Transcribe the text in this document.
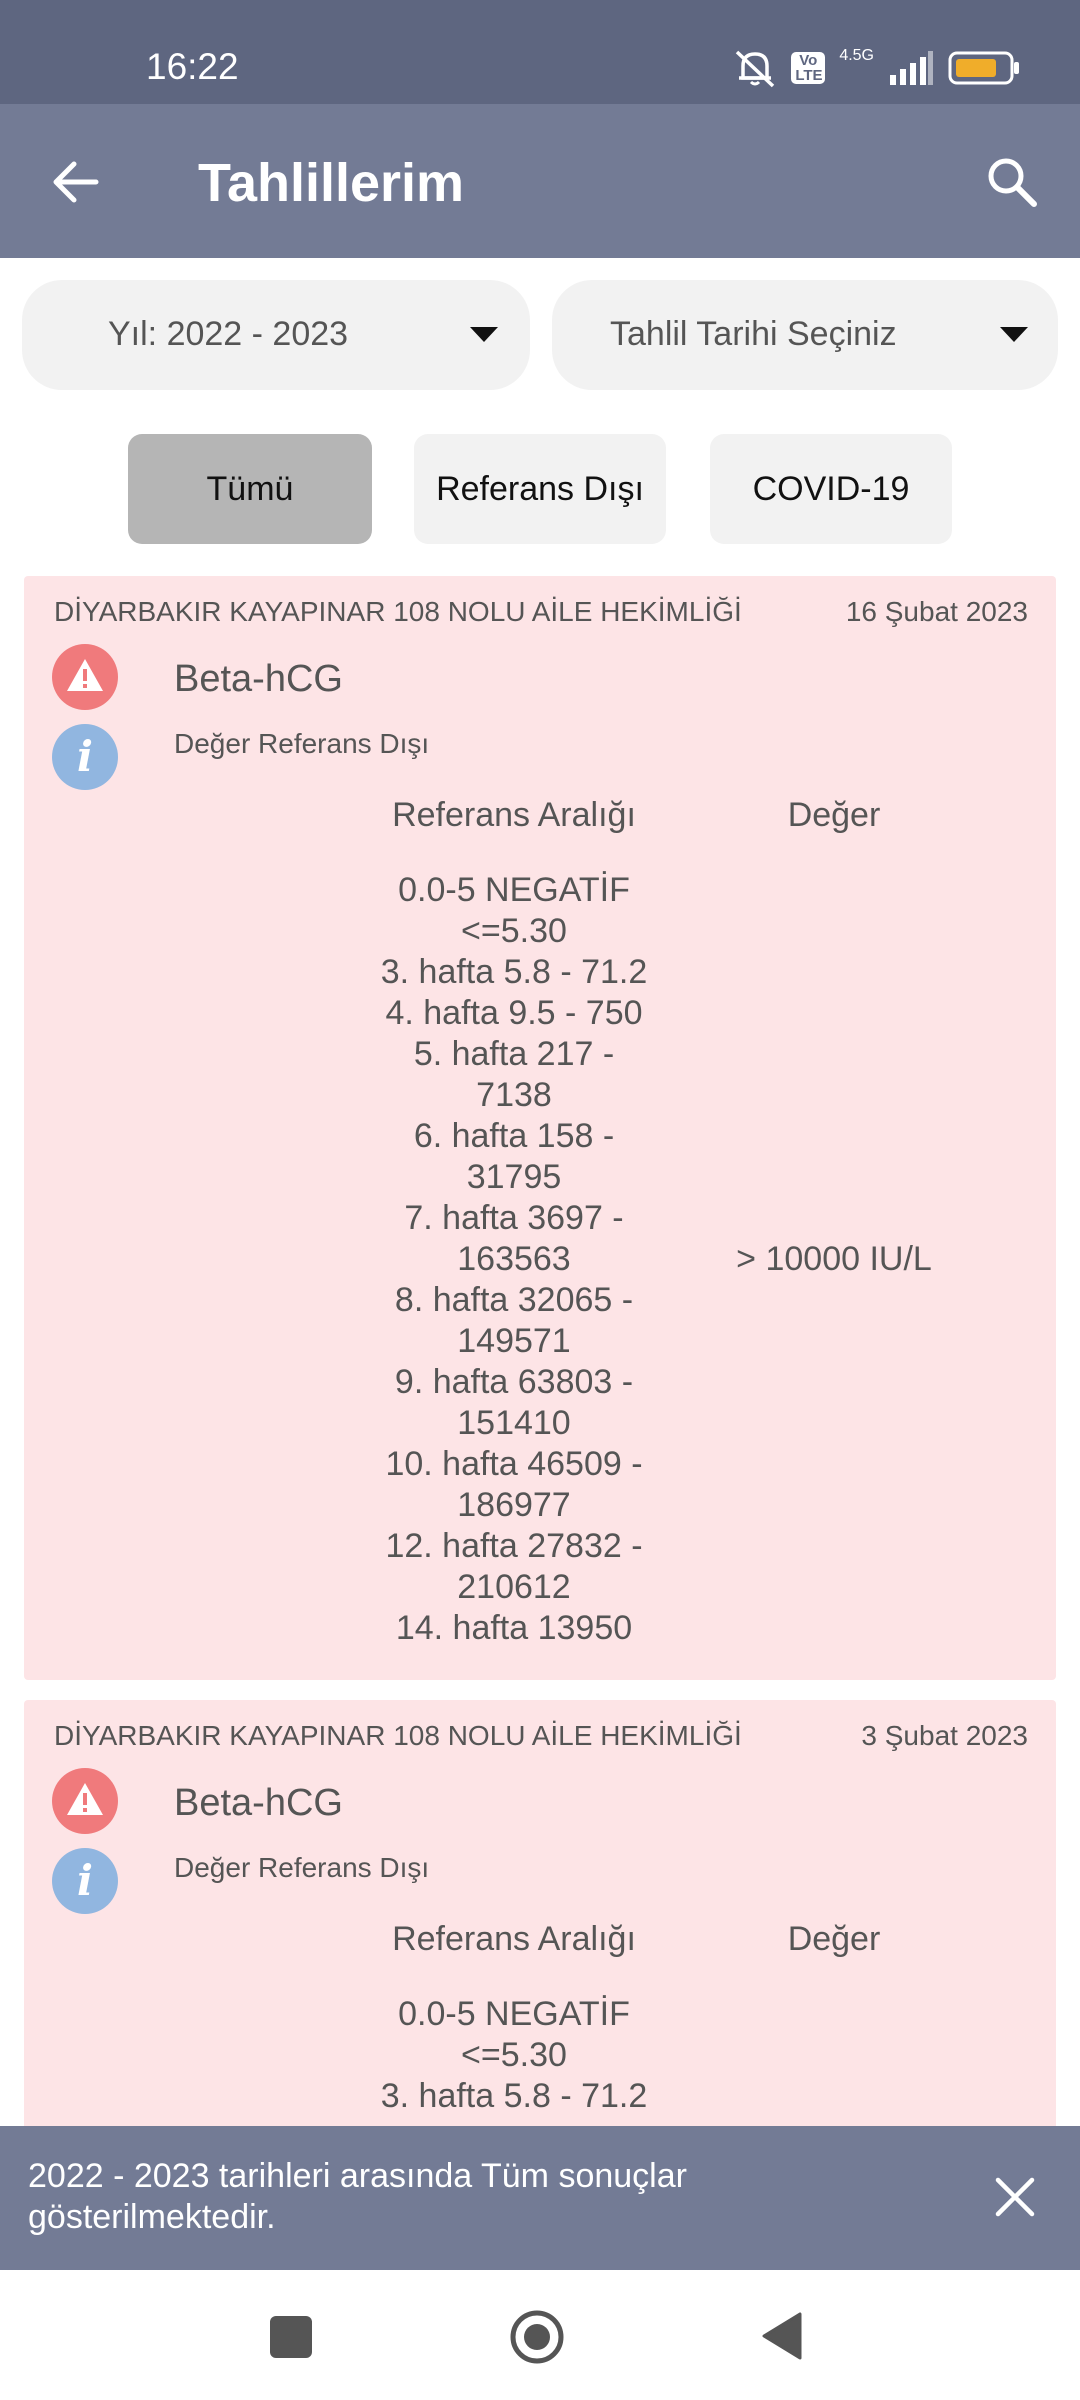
16:22	Vo
LTE
4.5G
Tahlillerim
Yıl: 2022 - 2023	Tahlil Tarihi Seçiniz
Tümü	Referans Dışı	COVID-19
DİYARBAKIR KAYAPINAR 108 NOLU AİLE HEKİMLİĞİ	16 Şubat 2023
i
Beta-hCG
Değer Referans Dışı
Referans Aralığı	Değer
0.0-5 NEGATİF
<=5.30
3. hafta 5.8 - 71.2
4. hafta 9.5 - 750
5. hafta 217 -
7138
6. hafta 158 -
31795
7. hafta 3697 -
163563
8. hafta 32065 -
149571
9. hafta 63803 -
151410
10. hafta 46509 -
186977
12. hafta 27832 -
210612
14. hafta 13950
> 10000 IU/L
DİYARBAKIR KAYAPINAR 108 NOLU AİLE HEKİMLİĞİ	3 Şubat 2023
i
Beta-hCG
Değer Referans Dışı
Referans Aralığı	Değer
0.0-5 NEGATİF
<=5.30
3. hafta 5.8 - 71.2
2022 - 2023 tarihleri arasında Tüm sonuçlar gösterilmektedir.
